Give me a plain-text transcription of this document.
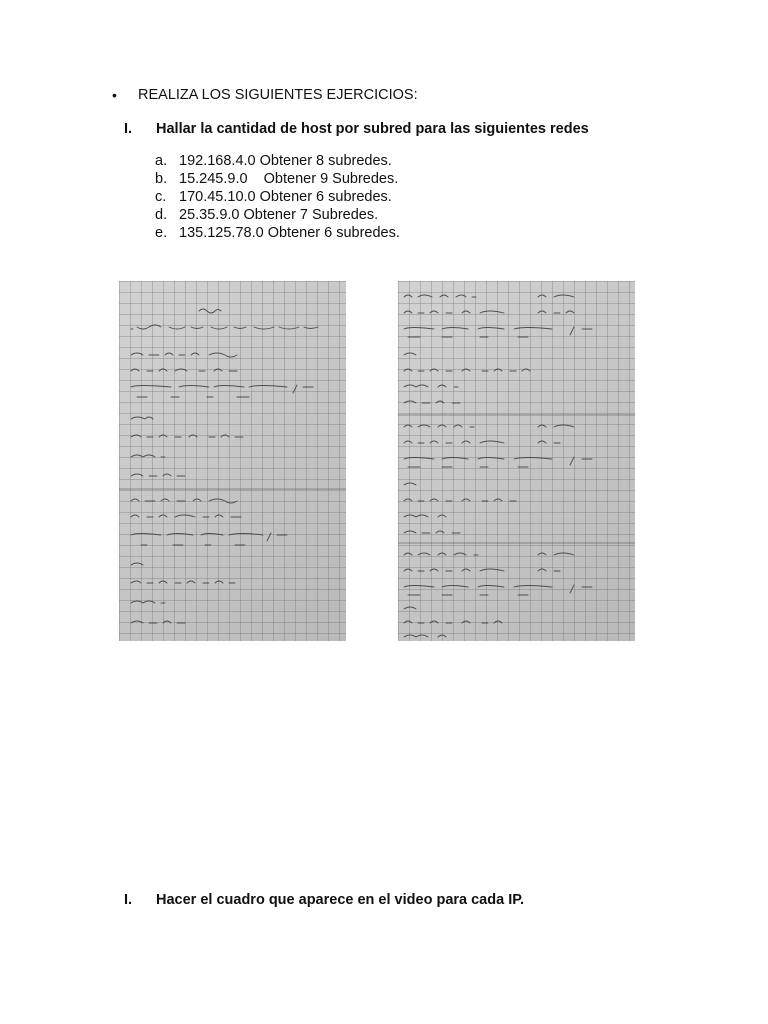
• REALIZA LOS SIGUIENTES EJERCICIOS:
I. Hallar la cantidad de host por subred para las siguientes redes

a.

192.168.4.0 Obtener 8 subredes.

b.

15.245.9.0    Obtener 9 Subredes.

c.

170.45.10.0 Obtener 6 subredes.

d.

25.35.9.0 Obtener 7 Subredes.

e.

135.125.78.0 Obtener 6 subredes.

I. Hacer el cuadro que aparece en el video para cada IP.
